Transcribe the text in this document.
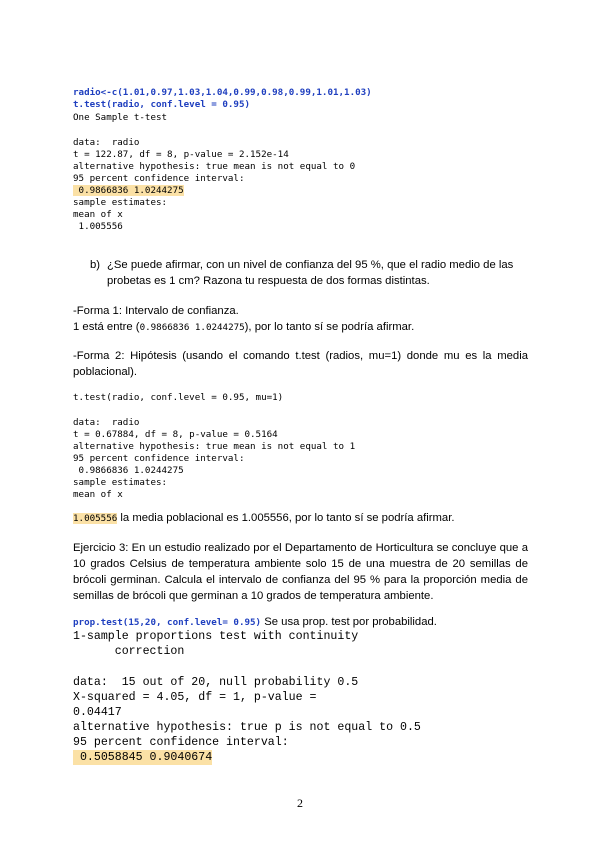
radio<-c(1.01,0.97,1.03,1.04,0.99,0.98,0.99,1.01,1.03)
t.test(radio, conf.level = 0.95)
One Sample t-test
data:  radio
t = 122.87, df = 8, p-value = 2.152e-14
alternative hypothesis: true mean is not equal to 0
95 percent confidence interval:
0.9866836 1.0244275
sample estimates:
mean of x
1.005556
b) ¿Se puede afirmar, con un nivel de confianza del 95 %, que el radio medio de las probetas es 1 cm? Razona tu respuesta de dos formas distintas.
-Forma 1: Intervalo de confianza.
1 está entre (0.9866836 1.0244275), por lo tanto sí se podría afirmar.
-Forma 2: Hipótesis (usando el comando t.test (radios, mu=1) donde mu es la media poblacional).
t.test(radio, conf.level = 0.95, mu=1)
data:  radio
t = 0.67884, df = 8, p-value = 0.5164
alternative hypothesis: true mean is not equal to 1
95 percent confidence interval:
0.9866836 1.0244275
sample estimates:
mean of x
1.005556 la media poblacional es 1.005556, por lo tanto sí se podría afirmar.
Ejercicio 3: En un estudio realizado por el Departamento de Horticultura se concluye que a 10 grados Celsius de temperatura ambiente solo 15 de una muestra de 20 semillas de brócoli germinan. Calcula el intervalo de confianza del 95 % para la proporción media de semillas de brócoli que germinan a 10 grados de temperatura ambiente.
prop.test(15,20, conf.level= 0.95) Se usa prop. test por probabilidad.
1-sample proportions test with continuity
correction
data:  15 out of 20, null probability 0.5
X-squared = 4.05, df = 1, p-value =
0.04417
alternative hypothesis: true p is not equal to 0.5
95 percent confidence interval:
0.5058845 0.9040674
2
